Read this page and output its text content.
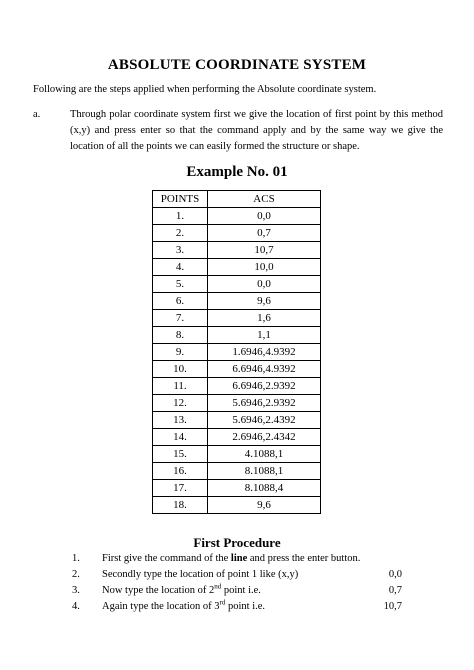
ABSOLUTE COORDINATE SYSTEM
Following are the steps applied when performing the Absolute coordinate system.
a.	Through polar coordinate system first we give the location of first point by this method (x,y) and press enter so that the command apply and by the same way we give the location of all the points we can easily formed the structure or shape.
Example No. 01
POINTS	ACS
1.	0,0
2.	0,7
3.	10,7
4.	10,0
5.	0,0
6.	9,6
7.	1,6
8.	1,1
9.	1.6946,4.9392
10.	6.6946,4.9392
11.	6.6946,2.9392
12.	5.6946,2.9392
13.	5.6946,2.4392
14.	2.6946,2.4342
15.	4.1088,1
16.	8.1088,1
17.	8.1088,4
18.	9,6
First Procedure
1. First give the command of the line and press the enter button.
2. Secondly type the location of point 1 like (x,y)	0,0
3. Now type the location of 2nd point i.e.	0,7
4. Again type the location of 3rd point i.e.	10,7
